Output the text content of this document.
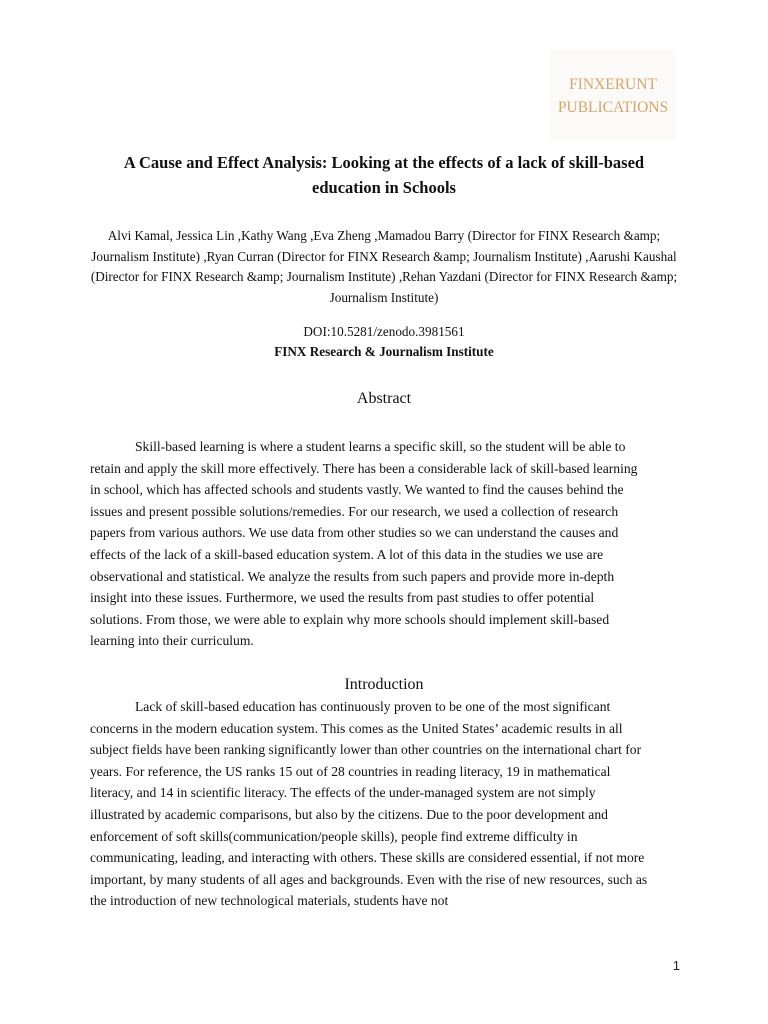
FINXERUNT
PUBLICATIONS
A Cause and Effect Analysis: Looking at the effects of a lack of skill-based education in Schools

Alvi Kamal, Jessica Lin ,Kathy Wang ,Eva Zheng ,Mamadou Barry (Director for FINX Research &amp; Journalism Institute) ,Ryan Curran (Director for FINX Research &amp; Journalism Institute) ,Aarushi Kaushal (Director for FINX Research &amp; Journalism Institute) ,Rehan Yazdani (Director for FINX Research &amp; Journalism Institute)

DOI:10.5281/zenodo.3981561

FINX Research & Journalism Institute

Abstract

Skill-based learning is where a student learns a specific skill, so the student will be able to retain and apply the skill more effectively. There has been a considerable lack of skill-based learning in school, which has affected schools and students vastly. We wanted to find the causes behind the issues and present possible solutions/remedies. For our research, we used a collection of research papers from various authors. We use data from other studies so we can understand the causes and effects of the lack of a skill-based education system. A lot of this data in the studies we use are observational and statistical. We analyze the results from such papers and provide more in-depth insight into these issues. Furthermore, we used the results from past studies to offer potential solutions. From those, we were able to explain why more schools should implement skill-based learning into their curriculum.

Introduction

Lack of skill-based education has continuously proven to be one of the most significant concerns in the modern education system. This comes as the United States’ academic results in all subject fields have been ranking significantly lower than other countries on the international chart for years. For reference, the US ranks 15 out of 28 countries in reading literacy, 19 in mathematical literacy, and 14 in scientific literacy. The effects of the under-managed system are not simply illustrated by academic comparisons, but also by the citizens. Due to the poor development and enforcement of soft skills(communication/people skills), people find extreme difficulty in communicating, leading, and interacting with others. These skills are considered essential, if not more important, by many students of all ages and backgrounds. Even with the rise of new resources, such as the introduction of new technological materials, students have not

1
